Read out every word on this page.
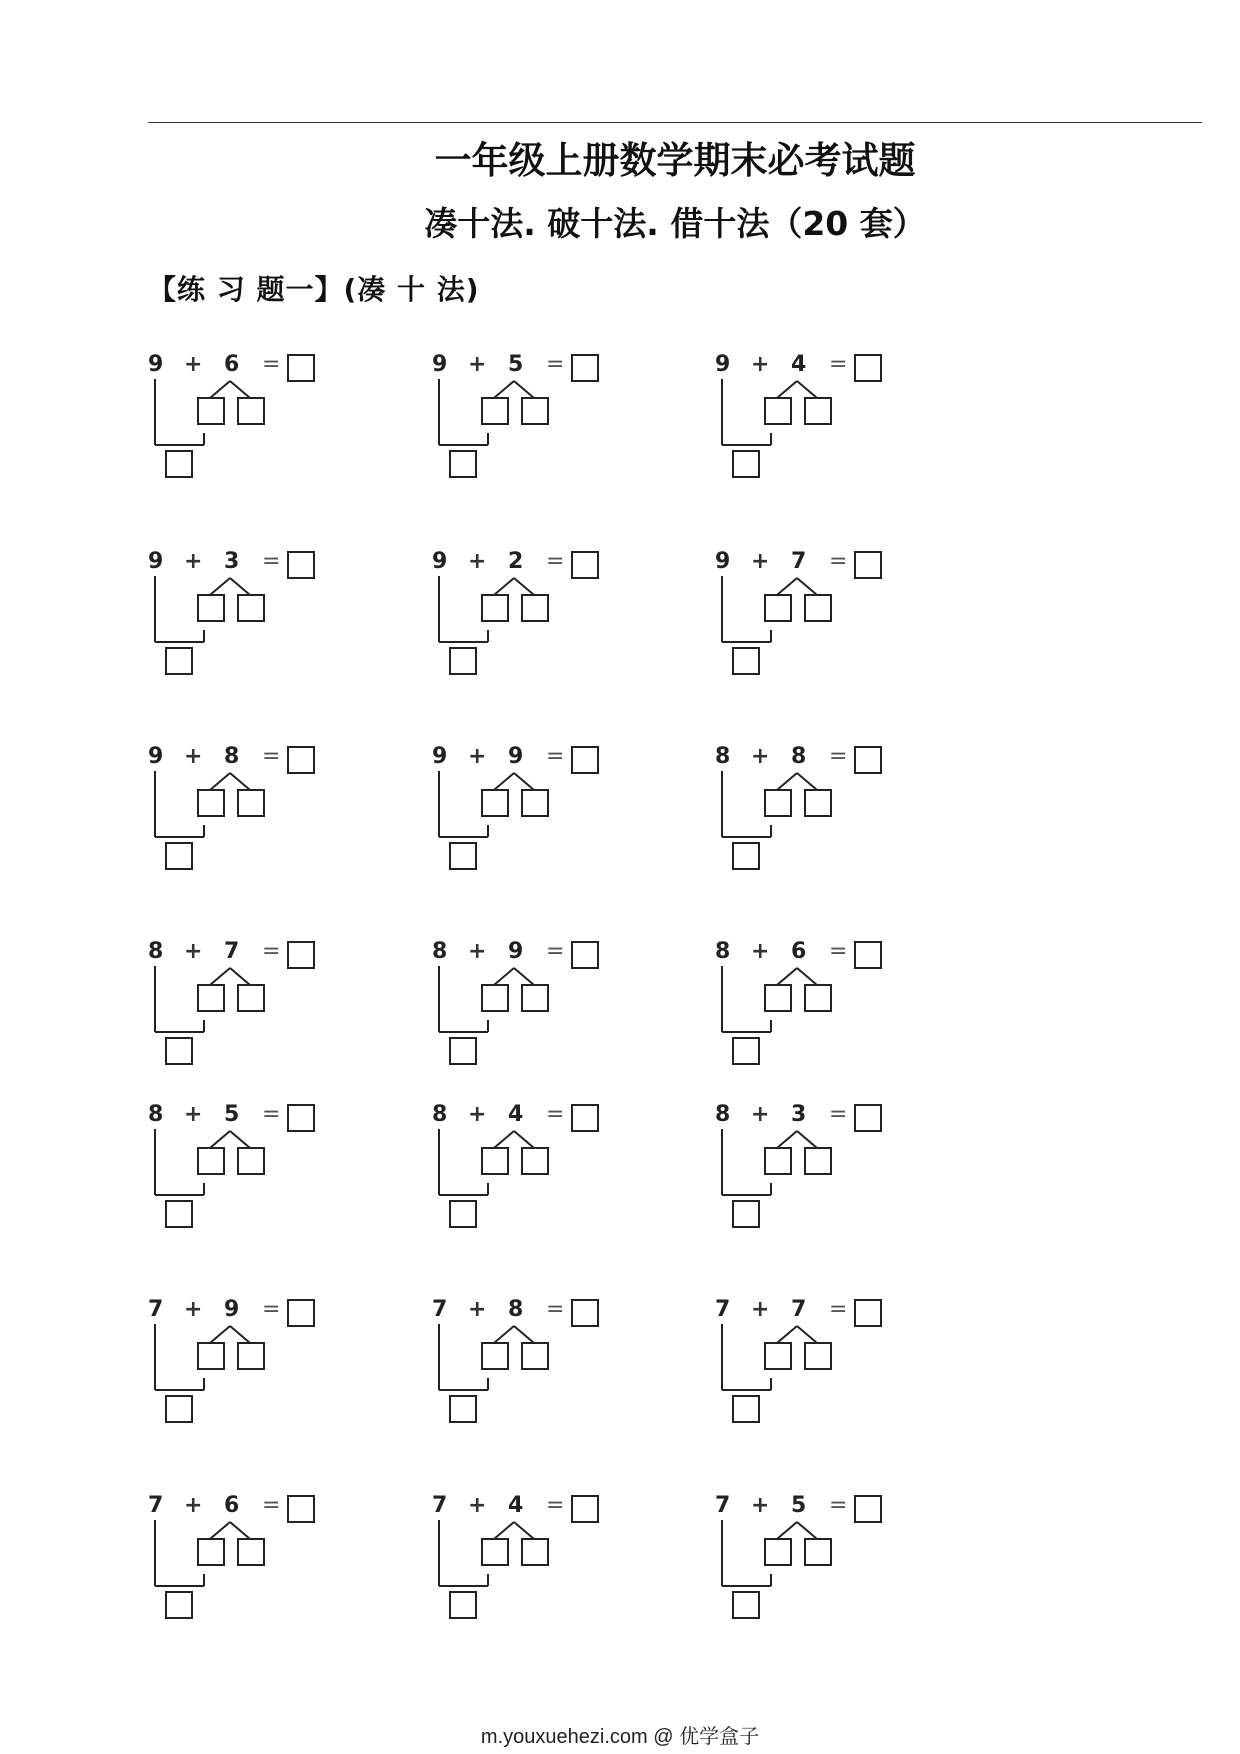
一年级上册数学期末必考试题
凑十法. 破十法. 借十法（20 套）
【练 习 题一】(凑 十 法)
9 + 6 =	9 + 5 =	9 + 4 =
9 + 3 =	9 + 2 =	9 + 7 =
9 + 8 =	9 + 9 =	8 + 8 =
8 + 7 =	8 + 9 =	8 + 6 =
8 + 5 =	8 + 4 =	8 + 3 =
7 + 9 =	7 + 8 =	7 + 7 =
7 + 6 =	7 + 4 =	7 + 5 =
m.youxuehezi.com @ 优学盒子
